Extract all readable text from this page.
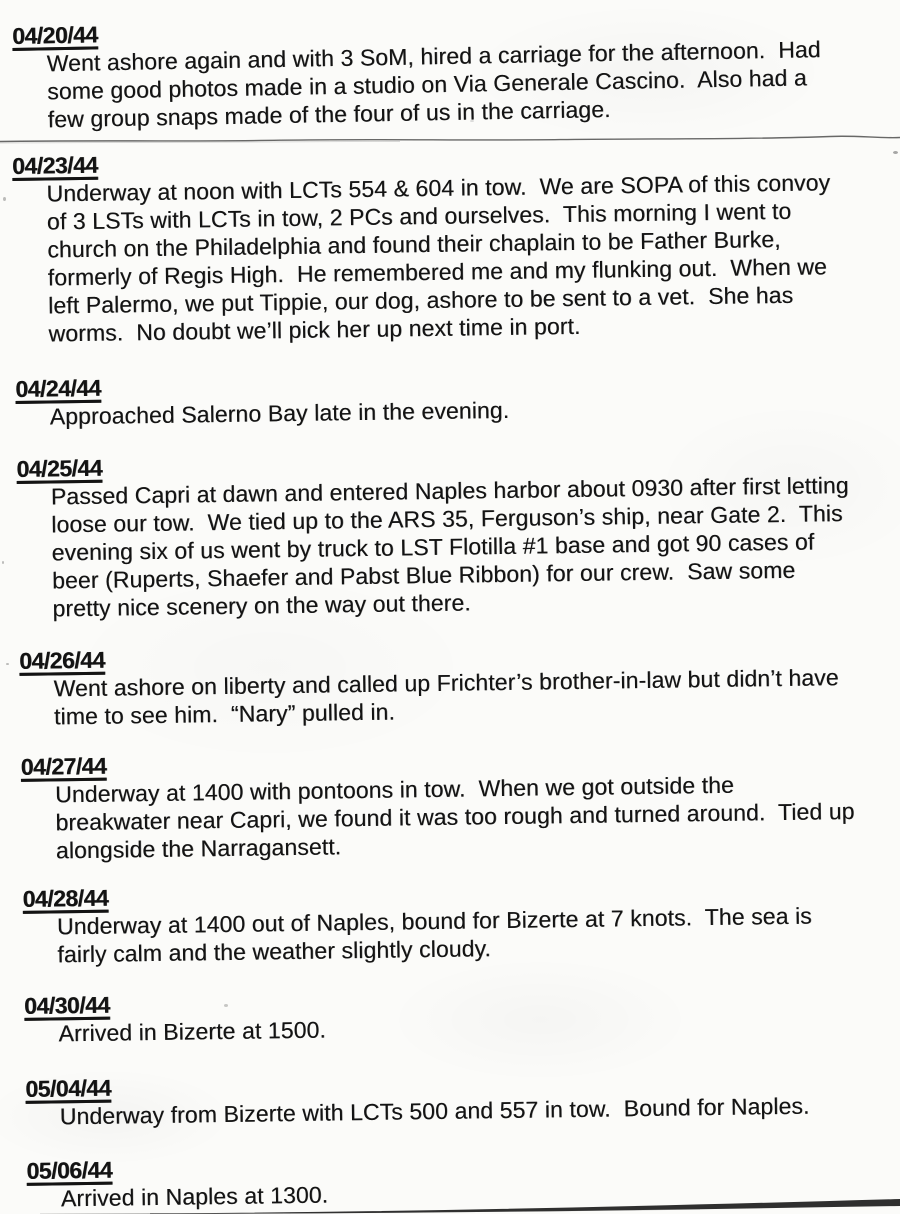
04/20/44

Went ashore again and with 3 SoM, hired a carriage for the afternoon.  Had
some good photos made in a studio on Via Generale Cascino.  Also had a
few group snaps made of the four of us in the carriage.

04/23/44

Underway at noon with LCTs 554 & 604 in tow.  We are SOPA of this convoy
of 3 LSTs with LCTs in tow, 2 PCs and ourselves.  This morning I went to
church on the Philadelphia and found their chaplain to be Father Burke,
formerly of Regis High.  He remembered me and my flunking out.  When we
left Palermo, we put Tippie, our dog, ashore to be sent to a vet.  She has
worms.  No doubt we’ll pick her up next time in port.

04/24/44

Approached Salerno Bay late in the evening.

04/25/44

Passed Capri at dawn and entered Naples harbor about 0930 after first letting
loose our tow.  We tied up to the ARS 35, Ferguson’s ship, near Gate 2.  This
evening six of us went by truck to LST Flotilla #1 base and got 90 cases of
beer (Ruperts, Shaefer and Pabst Blue Ribbon) for our crew.  Saw some
pretty nice scenery on the way out there.

04/26/44

Went ashore on liberty and called up Frichter’s brother-in-law but didn’t have
time to see him.  “Nary” pulled in.

04/27/44

Underway at 1400 with pontoons in tow.  When we got outside the
breakwater near Capri, we found it was too rough and turned around.  Tied up
alongside the Narragansett.

04/28/44

Underway at 1400 out of Naples, bound for Bizerte at 7 knots.  The sea is
fairly calm and the weather slightly cloudy.

04/30/44

Arrived in Bizerte at 1500.

05/04/44

Underway from Bizerte with LCTs 500 and 557 in tow.  Bound for Naples.

05/06/44

Arrived in Naples at 1300.
